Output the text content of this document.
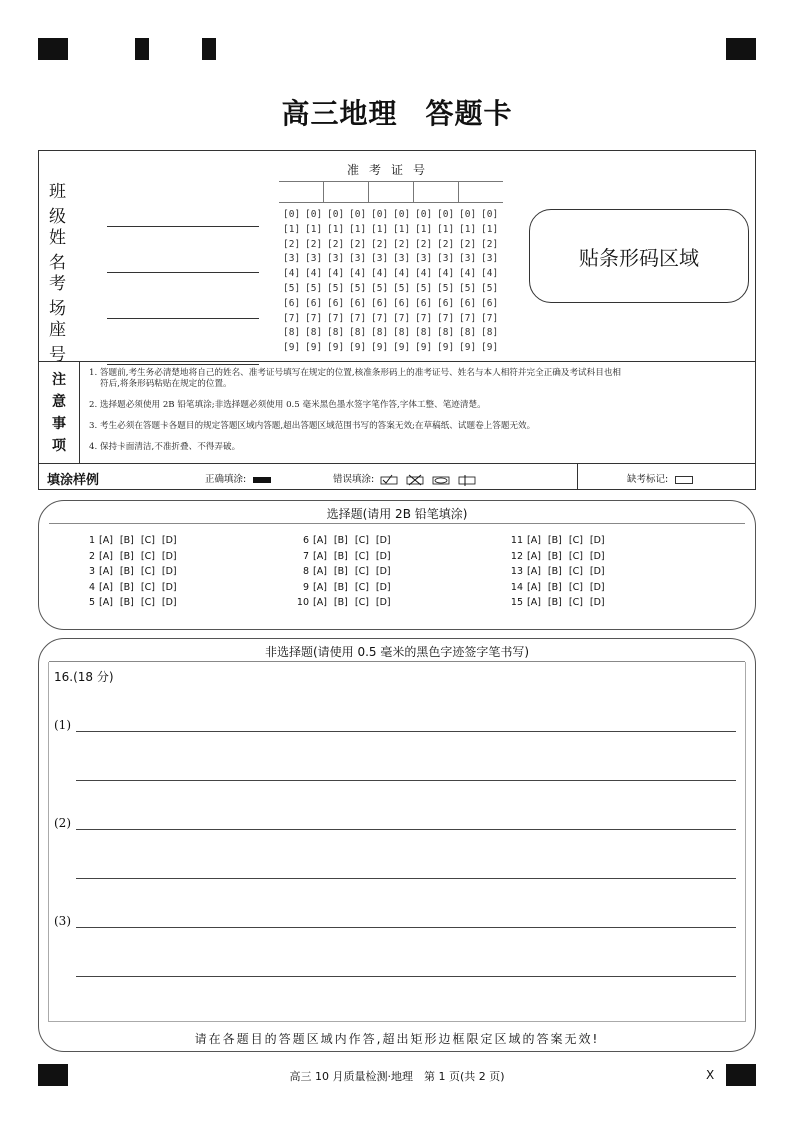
高三地理 答题卡
班级
姓名
考场
座号
准考证号
[0] [0] [0] [0] [0] [0] [0] [0] [0] [0]
[1] [1] [1] [1] [1] [1] [1] [1] [1] [1]
[2] [2] [2] [2] [2] [2] [2] [2] [2] [2]
[3] [3] [3] [3] [3] [3] [3] [3] [3] [3]
[4] [4] [4] [4] [4] [4] [4] [4] [4] [4]
[5] [5] [5] [5] [5] [5] [5] [5] [5] [5]
[6] [6] [6] [6] [6] [6] [6] [6] [6] [6]
[7] [7] [7] [7] [7] [7] [7] [7] [7] [7]
[8] [8] [8] [8] [8] [8] [8] [8] [8] [8]
[9] [9] [9] [9] [9] [9] [9] [9] [9] [9]
贴条形码区域
注
意
事
项

1. 答题前,考生务必清楚地将自己的姓名、准考证号填写在规定的位置,核准条形码上的准考证号、姓名与本人相符并完全正确及考试科目也相

符后,将条形码粘贴在规定的位置。

2. 选择题必须使用 2B 铅笔填涂;非选择题必须使用 0.5 毫米黑色墨水签字笔作答,字体工整、笔迹清楚。

3. 考生必须在答题卡各题目的规定答题区域内答题,超出答题区域范围书写的答案无效;在草稿纸、试题卷上答题无效。

4. 保持卡面清洁,不准折叠、不得弄破。

填涂样例	正确填涂:	错误填涂:	缺考标记:
选择题(请用 2B 铅笔填涂)
1 [A] [B] [C] [D]
2 [A] [B] [C] [D]
3 [A] [B] [C] [D]
4 [A] [B] [C] [D]
5 [A] [B] [C] [D]
6 [A] [B] [C] [D]
7 [A] [B] [C] [D]
8 [A] [B] [C] [D]
9 [A] [B] [C] [D]
10 [A] [B] [C] [D]
11 [A] [B] [C] [D]
12 [A] [B] [C] [D]
13 [A] [B] [C] [D]
14 [A] [B] [C] [D]
15 [A] [B] [C] [D]
非选择题(请使用 0.5 毫米的黑色字迹签字笔书写)
16.(18 分)
(1)
(2)
(3)
请在各题目的答题区域内作答,超出矩形边框限定区域的答案无效!
高三 10 月质量检测·地理　第 1 页(共 2 页)	X
